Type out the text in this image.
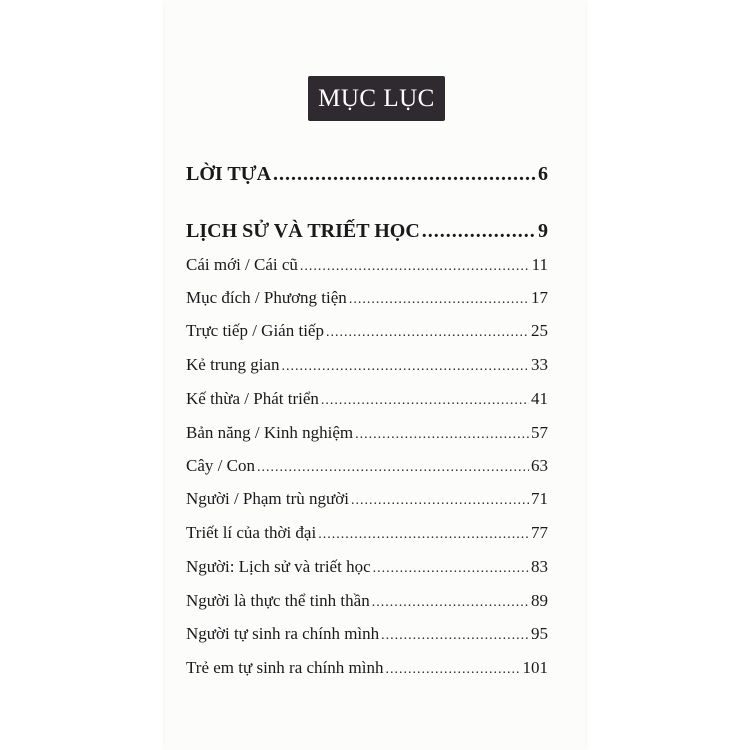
MỤC LỤC
LỜI TỰA .....	6
LỊCH SỬ VÀ TRIẾT HỌC .....	9
Cái mới / Cái cũ .....	11
Mục đích / Phương tiện .....	17
Trực tiếp / Gián tiếp .....	25
Kẻ trung gian .....	33
Kế thừa / Phát triển .....	41
Bản năng / Kinh nghiệm .....	57
Cây / Con .....	63
Người / Phạm trù người .....	71
Triết lí của thời đại .....	77
Người: Lịch sử và triết học .....	83
Người là thực thể tinh thần .....	89
Người tự sinh ra chính mình .....	95
Trẻ em tự sinh ra chính mình .....	101
